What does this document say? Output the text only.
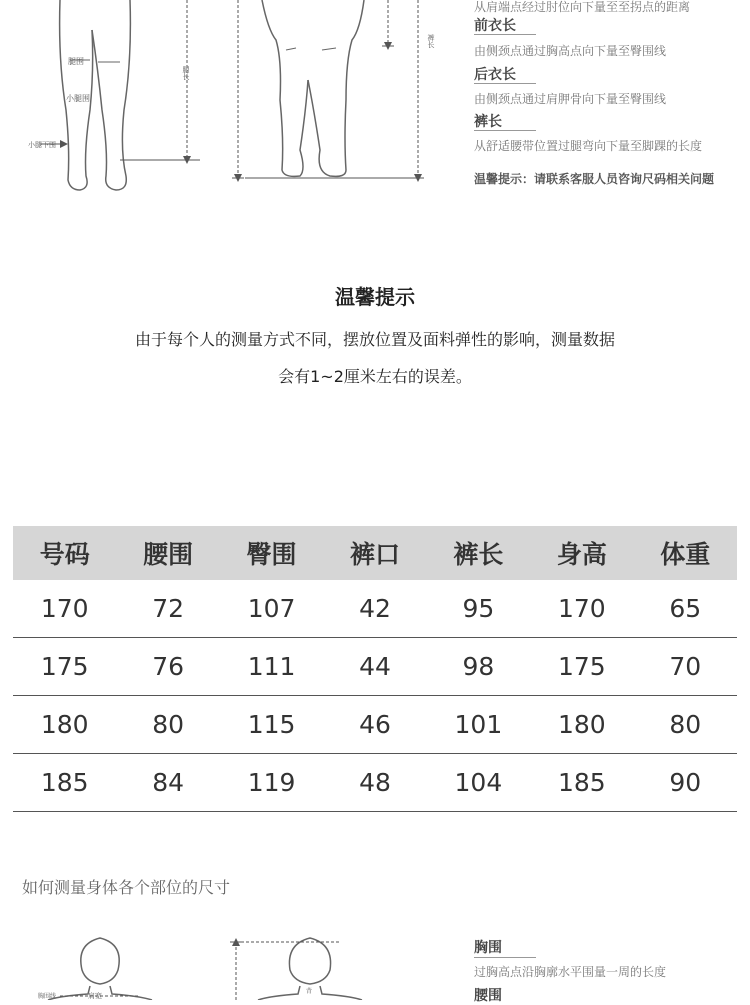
腿围
小腿围
小腿下围
腿长
裤长
从肩端点经过肘位向下量至至拐点的距离
前衣长
由侧颈点通过胸高点向下量至臀围线
后衣长
由侧颈点通过肩胛骨向下量至臀围线
裤长
从舒适腰带位置过腿弯向下量至脚踝的长度
温馨提示：请联系客服人员咨询尺码相关问题
温馨提示
由于每个人的测量方式不同，摆放位置及面料弹性的影响，测量数据
会有1~2厘米左右的误差。
号码	腰围	臀围	裤口	裤长	身高	体重
170	72	107	42	95	170	65
175	76	111	44	98	175	70
180	80	115	46	101	180	80
185	84	119	48	104	185	90
如何测量身体各个部位的尺寸
肩宽
胸围线
背
胸围
过胸高点沿胸廓水平围量一周的长度
腰围
